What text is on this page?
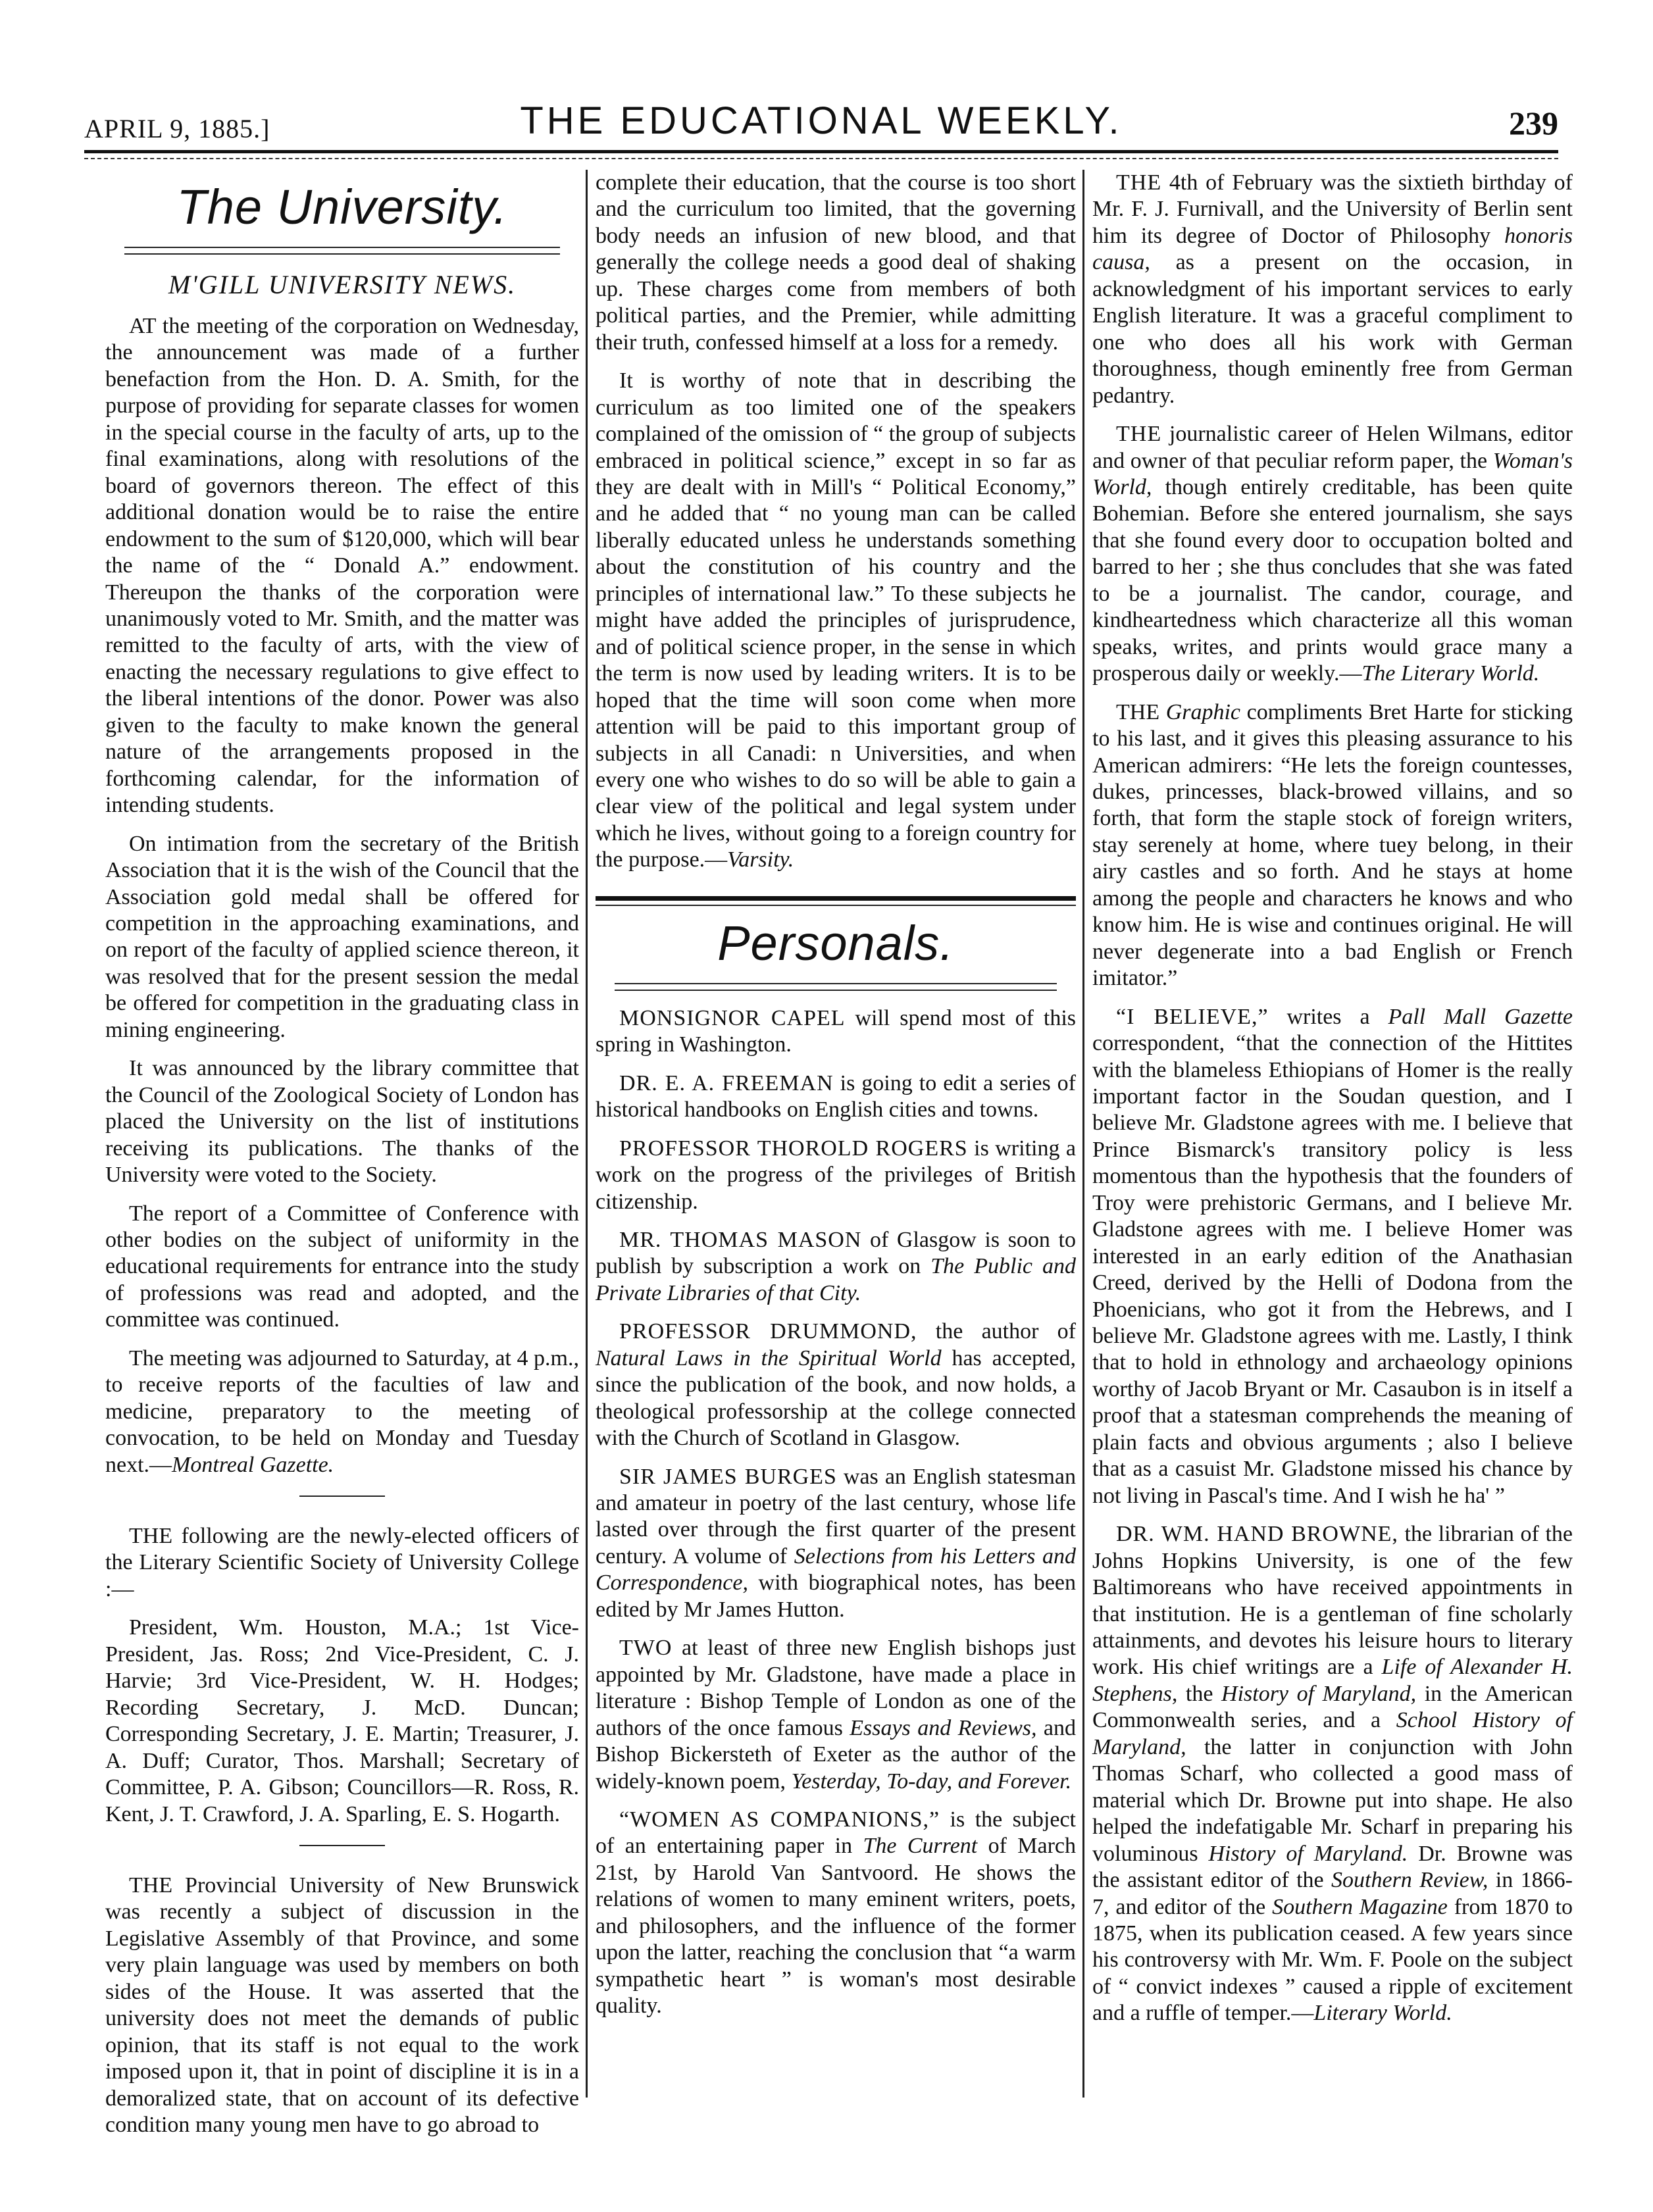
APRIL 9, 1885.]	THE EDUCATIONAL WEEKLY.	239
The University.
M'GILL UNIVERSITY NEWS.

AT the meeting of the corporation on Wednesday, the announcement was made of a further benefaction from the Hon. D. A. Smith, for the purpose of providing for separate classes for women in the special course in the faculty of arts, up to the final examinations, along with resolutions of the board of governors thereon. The effect of this additional donation would be to raise the entire endowment to the sum of $120,000, which will bear the name of the “ Donald A.” endowment. Thereupon the thanks of the corporation were unanimously voted to Mr. Smith, and the matter was remitted to the faculty of arts, with the view of enacting the necessary regulations to give effect to the liberal intentions of the donor. Power was also given to the faculty to make known the general nature of the arrangements proposed in the forthcoming calendar, for the information of intending students.

On intimation from the secretary of the British Association that it is the wish of the Council that the Association gold medal shall be offered for competition in the approaching examinations, and on report of the faculty of applied science thereon, it was resolved that for the present session the medal be offered for competition in the graduating class in mining engineering.

It was announced by the library committee that the Council of the Zoological Society of London has placed the University on the list of institutions receiving its publications. The thanks of the University were voted to the Society.

The report of a Committee of Conference with other bodies on the subject of uniformity in the educational requirements for entrance into the study of professions was read and adopted, and the committee was continued.

The meeting was adjourned to Saturday, at 4 p.m., to receive reports of the faculties of law and medicine, preparatory to the meeting of convocation, to be held on Monday and Tuesday next.—Montreal Gazette.

THE following are the newly-elected officers of the Literary Scientific Society of University College :—

President, Wm. Houston, M.A.; 1st Vice-President, Jas. Ross; 2nd Vice-President, C. J. Harvie; 3rd Vice-President, W. H. Hodges; Recording Secretary, J. McD. Duncan; Corresponding Secretary, J. E. Martin; Treasurer, J. A. Duff; Curator, Thos. Marshall; Secretary of Committee, P. A. Gibson; Councillors—R. Ross, R. Kent, J. T. Crawford, J. A. Sparling, E. S. Hogarth.

THE Provincial University of New Brunswick was recently a subject of discussion in the Legislative Assembly of that Province, and some very plain language was used by members on both sides of the House. It was asserted that the university does not meet the demands of public opinion, that its staff is not equal to the work imposed upon it, that in point of discipline it is in a demoralized state, that on account of its defective condition many young men have to go abroad to

complete their education, that the course is too short and the curriculum too limited, that the governing body needs an infusion of new blood, and that generally the college needs a good deal of shaking up. These charges come from members of both political parties, and the Premier, while admitting their truth, confessed himself at a loss for a remedy.

It is worthy of note that in describing the curriculum as too limited one of the speakers complained of the omission of “ the group of subjects embraced in political science,” except in so far as they are dealt with in Mill's “ Political Economy,” and he added that “ no young man can be called liberally educated unless he understands something about the constitution of his country and the principles of international law.” To these subjects he might have added the principles of jurisprudence, and of political science proper, in the sense in which the term is now used by leading writers. It is to be hoped that the time will soon come when more attention will be paid to this important group of subjects in all Canadi: n Universities, and when every one who wishes to do so will be able to gain a clear view of the political and legal system under which he lives, without going to a foreign country for the purpose.—Varsity.

Personals.

MONSIGNOR CAPEL will spend most of this spring in Washington.

DR. E. A. FREEMAN is going to edit a series of historical handbooks on English cities and towns.

PROFESSOR THOROLD ROGERS is writing a work on the progress of the privileges of British citizenship.

MR. THOMAS MASON of Glasgow is soon to publish by subscription a work on The Public and Private Libraries of that City.

PROFESSOR DRUMMOND, the author of Natural Laws in the Spiritual World has accepted, since the publication of the book, and now holds, a theological professorship at the college connected with the Church of Scotland in Glasgow.

SIR JAMES BURGES was an English statesman and amateur in poetry of the last century, whose life lasted over through the first quarter of the present century. A volume of Selections from his Letters and Correspondence, with biographical notes, has been edited by Mr James Hutton.

TWO at least of three new English bishops just appointed by Mr. Gladstone, have made a place in literature : Bishop Temple of London as one of the authors of the once famous Essays and Reviews, and Bishop Bickersteth of Exeter as the author of the widely-known poem, Yesterday, To-day, and Forever.

“WOMEN AS COMPANIONS,” is the subject of an entertaining paper in The Current of March 21st, by Harold Van Santvoord. He shows the relations of women to many eminent writers, poets, and philosophers, and the influence of the former upon the latter, reaching the conclusion that “a warm sympathetic heart ” is woman's most desirable quality.

THE 4th of February was the sixtieth birthday of Mr. F. J. Furnivall, and the University of Berlin sent him its degree of Doctor of Philosophy honoris causa, as a present on the occasion, in acknowledgment of his important services to early English literature. It was a graceful compliment to one who does all his work with German thoroughness, though eminently free from German pedantry.

THE journalistic career of Helen Wilmans, editor and owner of that peculiar reform paper, the Woman's World, though entirely creditable, has been quite Bohemian. Before she entered journalism, she says that she found every door to occupation bolted and barred to her ; she thus concludes that she was fated to be a journalist. The candor, courage, and kindheartedness which characterize all this woman speaks, writes, and prints would grace many a prosperous daily or weekly.—The Literary World.

THE Graphic compliments Bret Harte for sticking to his last, and it gives this pleasing assurance to his American admirers: “He lets the foreign countesses, dukes, princesses, black-browed villains, and so forth, that form the staple stock of foreign writers, stay serenely at home, where tuey belong, in their airy castles and so forth. And he stays at home among the people and characters he knows and who know him. He is wise and continues original. He will never degenerate into a bad English or French imitator.”

“I BELIEVE,” writes a Pall Mall Gazette correspondent, “that the connection of the Hittites with the blameless Ethiopians of Homer is the really important factor in the Soudan question, and I believe Mr. Gladstone agrees with me. I believe that Prince Bismarck's transitory policy is less momentous than the hypothesis that the founders of Troy were prehistoric Germans, and I believe Mr. Gladstone agrees with me. I believe Homer was interested in an early edition of the Anathasian Creed, derived by the Helli of Dodona from the Phoenicians, who got it from the Hebrews, and I believe Mr. Gladstone agrees with me. Lastly, I think that to hold in ethnology and archaeology opinions worthy of Jacob Bryant or Mr. Casaubon is in itself a proof that a statesman comprehends the meaning of plain facts and obvious arguments ; also I believe that as a casuist Mr. Gladstone missed his chance by not living in Pascal's time. And I wish he ha' ”

DR. WM. HAND BROWNE, the librarian of the Johns Hopkins University, is one of the few Baltimoreans who have received appointments in that institution. He is a gentleman of fine scholarly attainments, and devotes his leisure hours to literary work. His chief writings are a Life of Alexander H. Stephens, the History of Maryland, in the American Commonwealth series, and a School History of Maryland, the latter in conjunction with John Thomas Scharf, who collected a good mass of material which Dr. Browne put into shape. He also helped the indefatigable Mr. Scharf in preparing his voluminous History of Maryland. Dr. Browne was the assistant editor of the Southern Review, in 1866-7, and editor of the Southern Magazine from 1870 to 1875, when its publication ceased. A few years since his controversy with Mr. Wm. F. Poole on the subject of “ convict indexes ” caused a ripple of excitement and a ruffle of temper.—Literary World.
